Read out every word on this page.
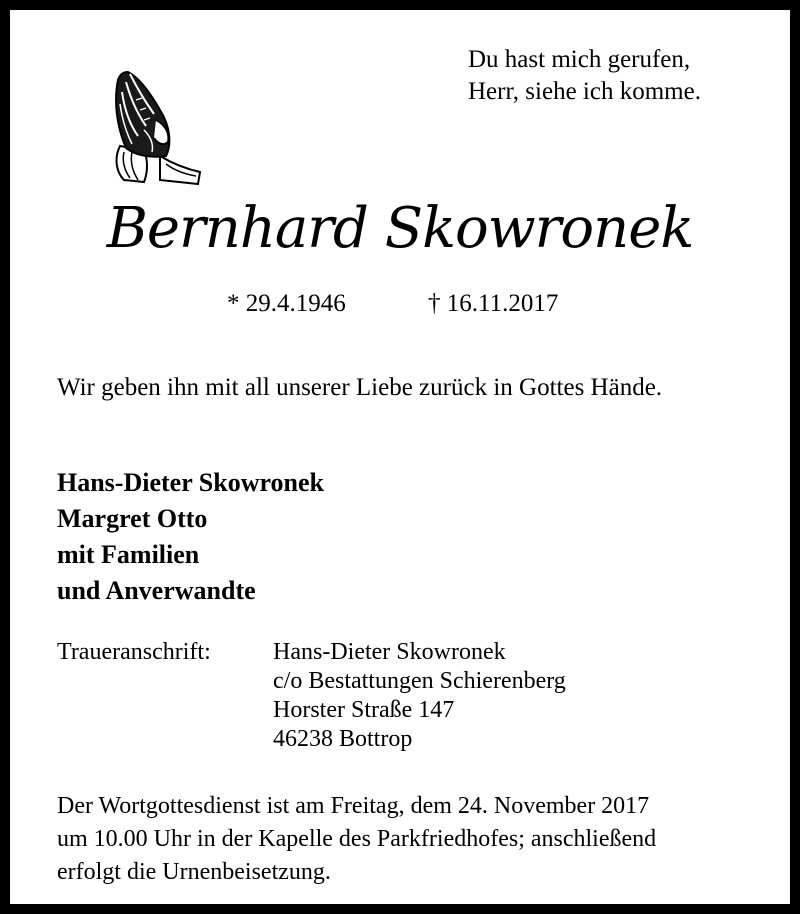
Du hast mich gerufen,
Herr, siehe ich komme.
Bernhard Skowronek
* 29.4.1946	† 16.11.2017
Wir geben ihn mit all unserer Liebe zurück in Gottes Hände.
Hans-Dieter Skowronek
Margret Otto
mit Familien
und Anverwandte
Traueranschrift:	Hans-Dieter Skowronek
c/o Bestattungen Schierenberg
Horster Straße 147
46238 Bottrop
Der Wortgottesdienst ist am Freitag, dem 24. November 2017
um 10.00 Uhr in der Kapelle des Parkfriedhofes; anschließend
erfolgt die Urnenbeisetzung.
